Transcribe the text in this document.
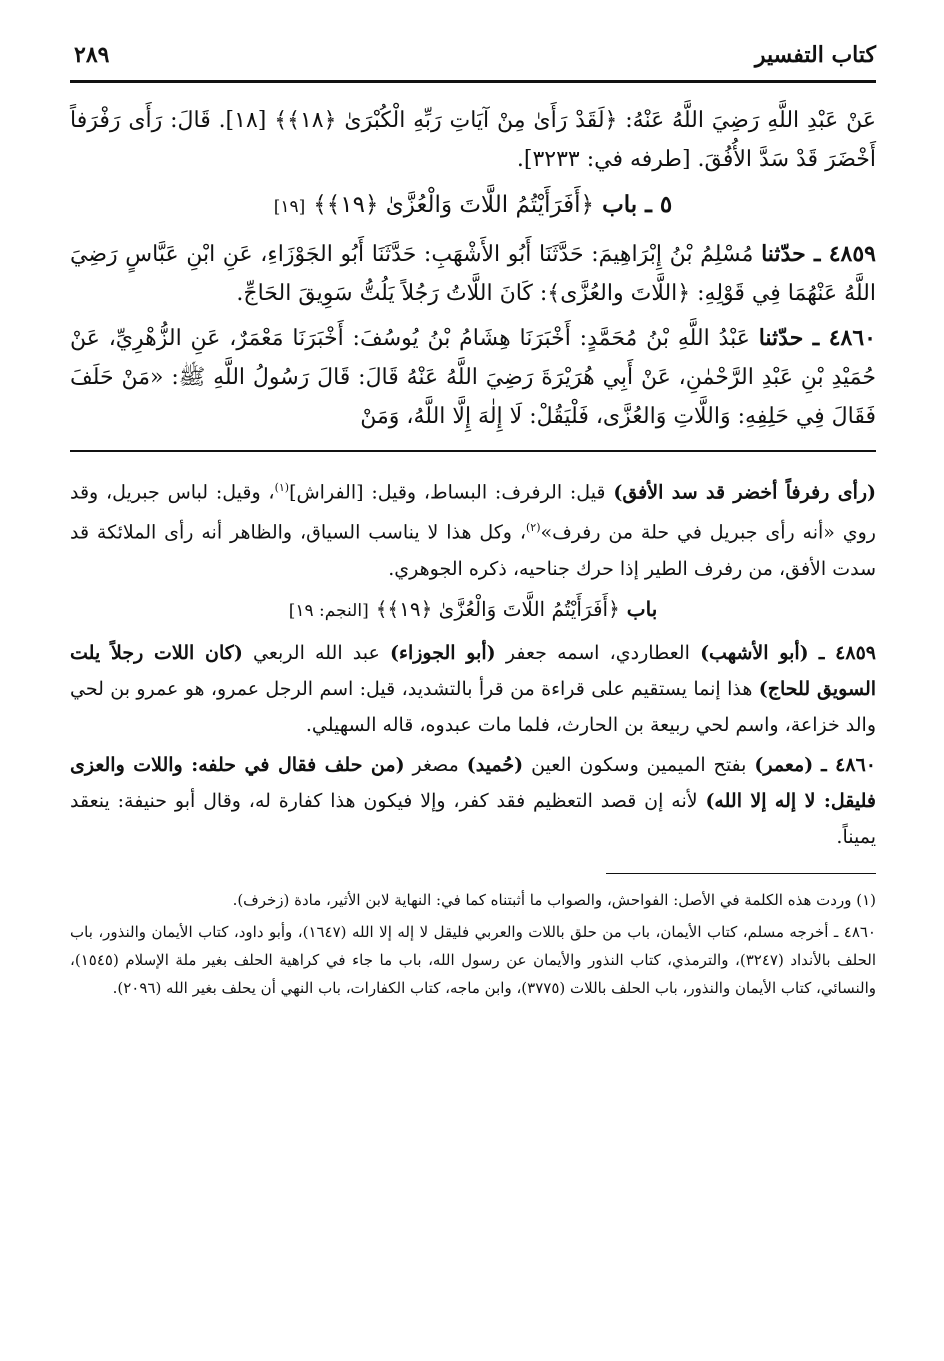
كتاب التفسير
٢٨٩

عَنْ عَبْدِ اللَّهِ رَضِيَ اللَّهُ عَنْهُ: ﴿لَقَدْ رَأَىٰ مِنْ آيَاتِ رَبِّهِ الْكُبْرَىٰ ﴿١٨﴾﴾ [١٨]. قَالَ: رَأَى رَفْرَفاً أَخْضَرَ قَدْ سَدَّ الأُفُقَ. [طرفه في: ٣٢٣٣].

٥ ـ باب ﴿أَفَرَأَيْتُمُ اللَّاتَ وَالْعُزَّىٰ ﴿١٩﴾﴾ [١٩]

٤٨٥٩ ـ حدّثنا مُسْلِمُ بْنُ إِبْرَاهِيمَ: حَدَّثَنَا أَبُو الأَشْهَبِ: حَدَّثَنَا أَبُو الجَوْزَاءِ، عَنِ ابْنِ عَبَّاسٍ رَضِيَ اللَّهُ عَنْهُمَا فِي قَوْلِهِ: ﴿اللَّاتَ والعُزَّى﴾: كَانَ اللَّاتُ رَجُلاً يَلُتُّ سَوِيقَ الحَاجِّ.

٤٨٦٠ ـ حدّثنا عَبْدُ اللَّهِ بْنُ مُحَمَّدٍ: أَخْبَرَنَا هِشَامُ بْنُ يُوسُفَ: أَخْبَرَنَا مَعْمَرٌ، عَنِ الزُّهْرِيِّ، عَنْ حُمَيْدِ بْنِ عَبْدِ الرَّحْمٰنِ، عَنْ أَبِي هُرَيْرَةَ رَضِيَ اللَّهُ عَنْهُ قَالَ: قَالَ رَسُولُ اللَّهِ ﷺ: «مَنْ حَلَفَ فَقَالَ فِي حَلِفِهِ: وَاللَّاتِ وَالعُزَّى، فَلْيَقُلْ: لَا إِلٰهَ إِلَّا اللَّهُ، وَمَنْ

(رأى رفرفاً أخضر قد سد الأفق) قيل: الرفرف: البساط، وقيل: [الفراش]$^{(١)}$، وقيل: لباس جبريل، وقد روي «أنه رأى جبريل في حلة من رفرف»$^{(٢)}$، وكل هذا لا يناسب السياق، والظاهر أنه رأى الملائكة قد سدت الأفق، من رفرف الطير إذا حرك جناحيه، ذكره الجوهري.

باب ﴿أَفَرَأَيْتُمُ اللَّاتَ وَالْعُزَّىٰ ﴿١٩﴾﴾ [النجم: ١٩]

٤٨٥٩ ـ (أبو الأشهب) العطاردي، اسمه جعفر (أبو الجوزاء) عبد الله الربعي (كان اللات رجلاً يلت السويق للحاج) هذا إنما يستقيم على قراءة من قرأ بالتشديد، قيل: اسم الرجل عمرو، هو عمرو بن لحي والد خزاعة، واسم لحي ربيعة بن الحارث، فلما مات عبدوه، قاله السهيلي.

٤٨٦٠ ـ (معمر) بفتح الميمين وسكون العين (حُميد) مصغر (من حلف فقال في حلفه: واللات والعزى فليقل: لا إله إلا الله) لأنه إن قصد التعظيم فقد كفر، وإلا فيكون هذا كفارة له، وقال أبو حنيفة: ينعقد يميناً.

(١) وردت هذه الكلمة في الأصل: الفواحش، والصواب ما أثبتناه كما في: النهاية لابن الأثير، مادة (زخرف).

٤٨٦٠ ـ أخرجه مسلم، كتاب الأيمان، باب من حلق باللات والعربي فليقل لا إله إلا الله (١٦٤٧)، وأبو داود، كتاب الأيمان والنذور، باب الحلف بالأنداد (٣٢٤٧)، والترمذي، كتاب النذور والأيمان عن رسول الله، باب ما جاء في كراهية الحلف بغير ملة الإسلام (١٥٤٥)، والنسائي، كتاب الأيمان والنذور، باب الحلف باللات (٣٧٧٥)، وابن ماجه، كتاب الكفارات، باب النهي أن يحلف بغير الله (٢٠٩٦).
